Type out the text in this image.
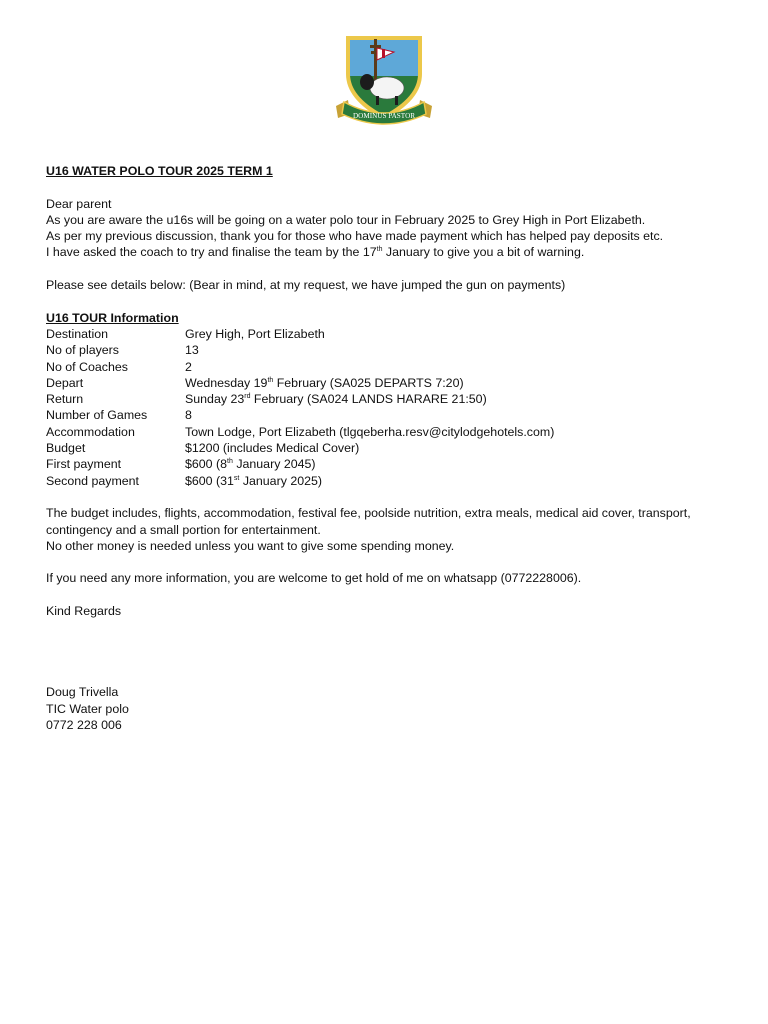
DOMINUS PASTOR
U16 WATER POLO TOUR 2025 TERM 1
Dear parent
As you are aware the u16s will be going on a water polo tour in February 2025 to Grey High in Port Elizabeth.
As per my previous discussion, thank you for those who have made payment which has helped pay deposits etc.
I have asked the coach to try and finalise the team by the 17th January to give you a bit of warning.
Please see details below: (Bear in mind, at my request, we have jumped the gun on payments)
U16 TOUR Information
Destination	Grey High, Port Elizabeth
No of players	13
No of Coaches	2
Depart	Wednesday 19th February (SA025 DEPARTS 7:20)
Return	Sunday 23rd February (SA024 LANDS HARARE 21:50)
Number of Games	8
Accommodation	Town Lodge, Port Elizabeth (tlgqeberha.resv@citylodgehotels.com)
Budget	$1200 (includes Medical Cover)
First payment	$600 (8th January 2045)
Second payment	$600 (31st January 2025)
The budget includes, flights, accommodation, festival fee, poolside nutrition, extra meals, medical aid cover, transport,
contingency and a small portion for entertainment.
No other money is needed unless you want to give some spending money.
If you need any more information, you are welcome to get hold of me on whatsapp (0772228006).
Kind Regards
Doug Trivella
TIC Water polo
0772 228 006
